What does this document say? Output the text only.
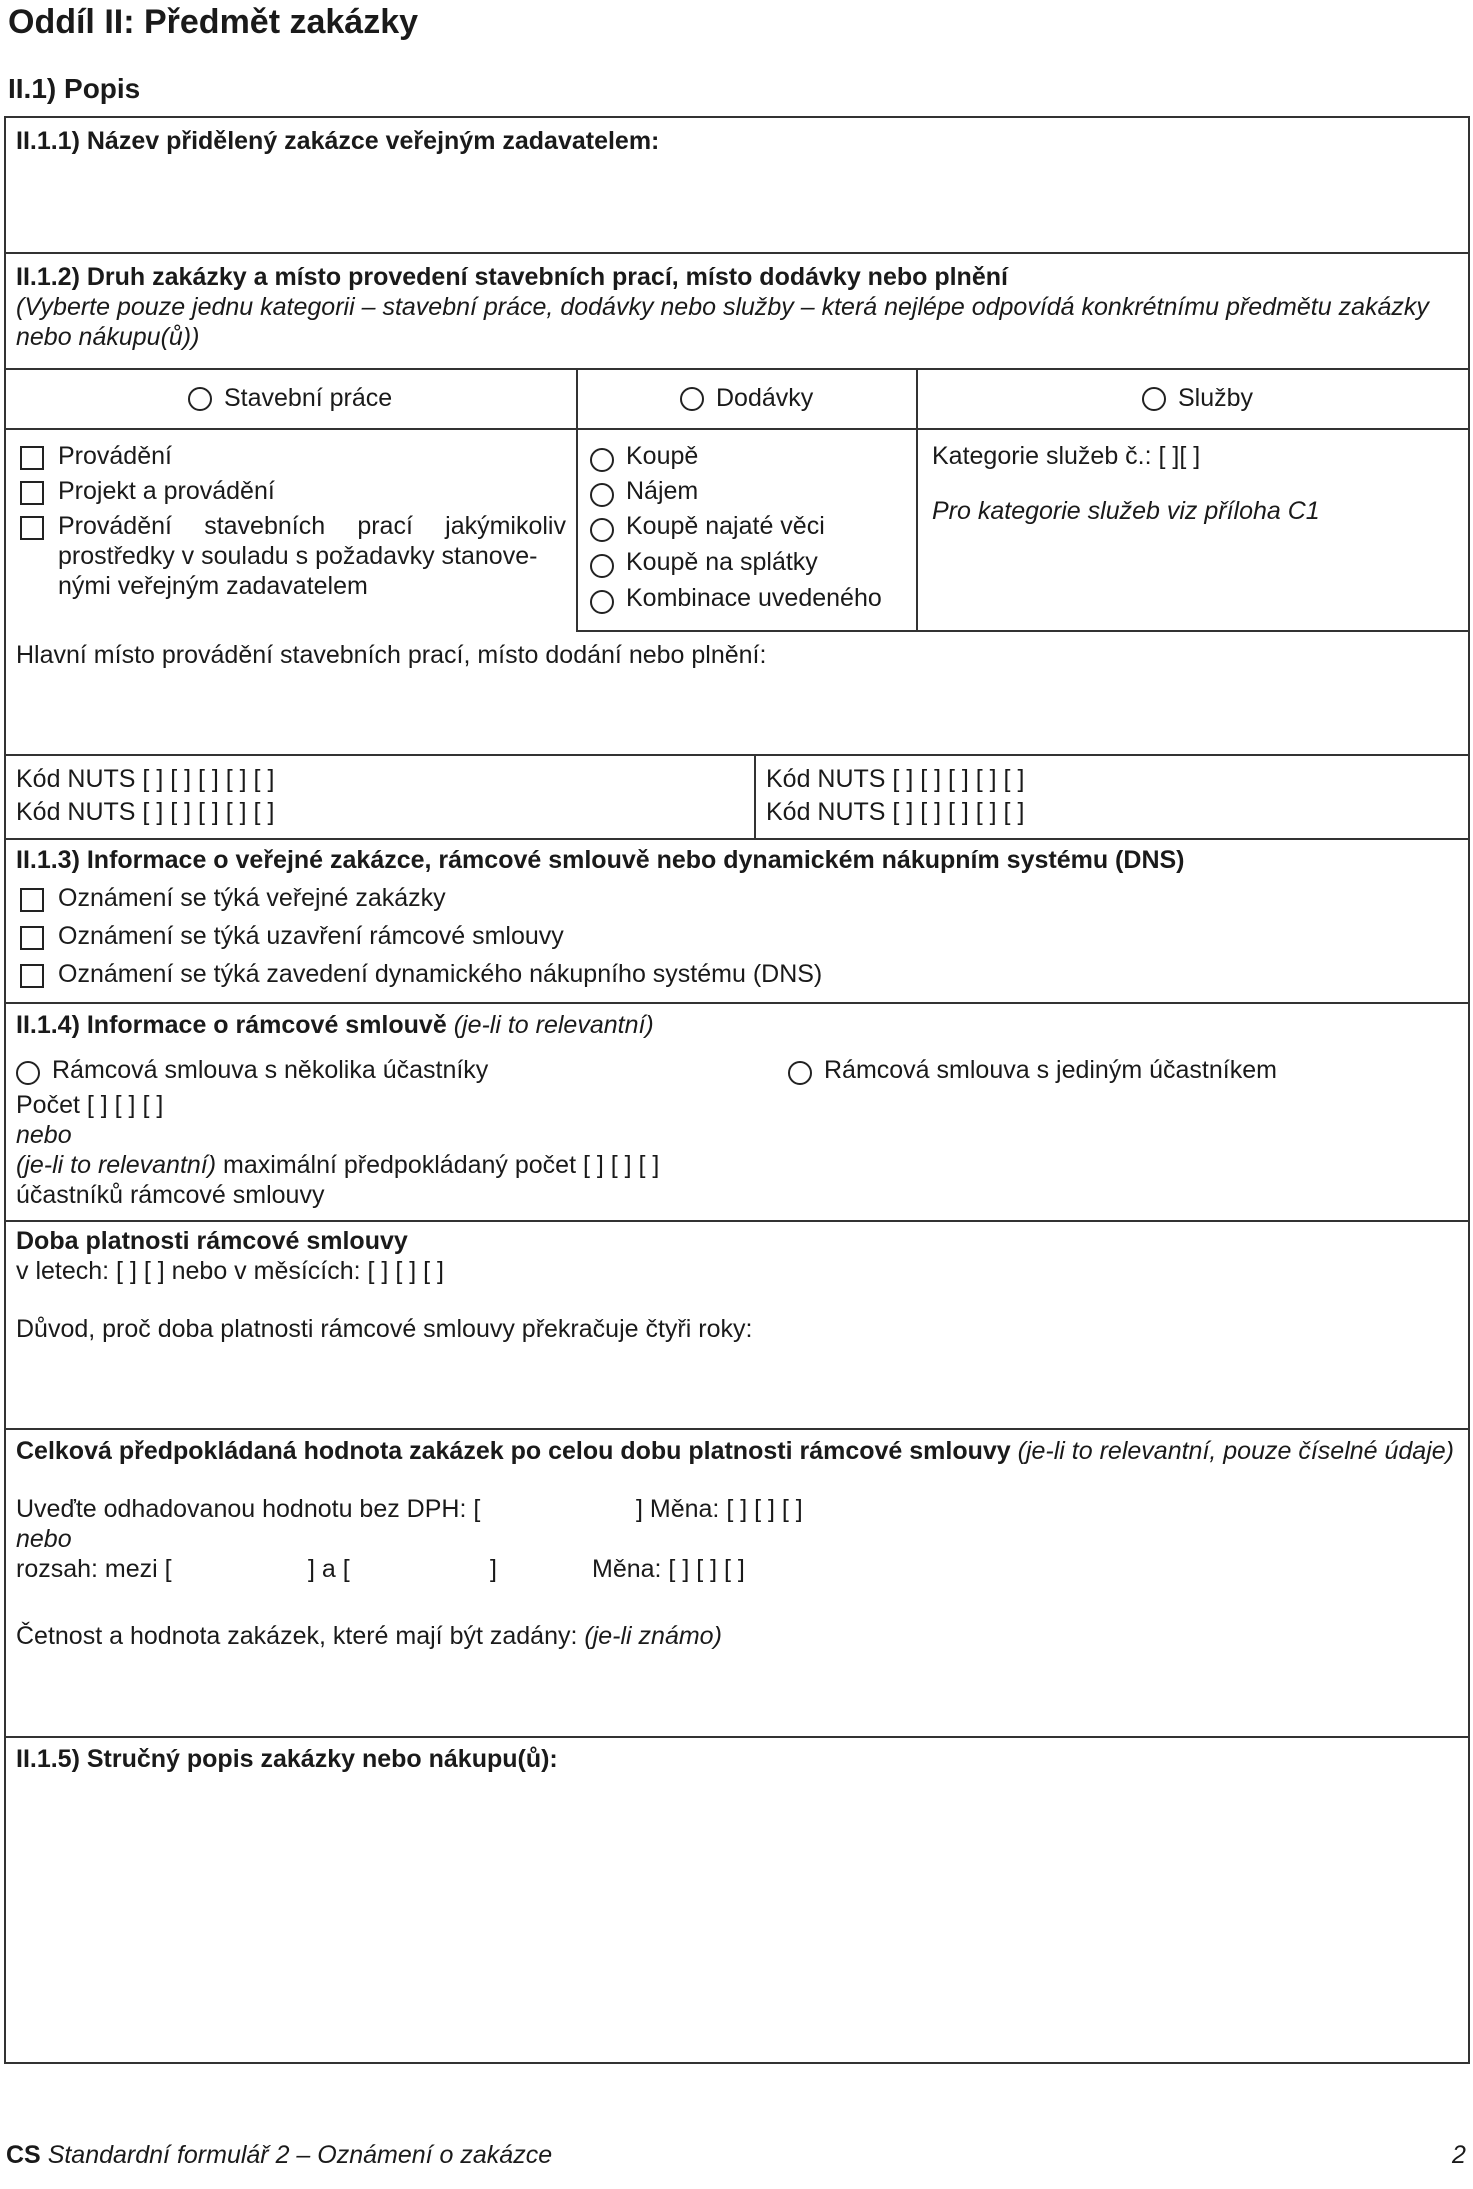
Oddíl II: Předmět zakázky
II.1) Popis
II.1.1) Název přidělený zakázce veřejným zadavatelem:
II.1.2) Druh zakázky a místo provedení stavebních prací, místo dodávky nebo plnění
(Vyberte pouze jednu kategorii – stavební práce, dodávky nebo služby – která nejlépe odpovídá konkrétnímu předmětu zakázky
nebo nákupu(ů))
Stavební práce	Dodávky	Služby
Provádění
Projekt a provádění
Provádění stavebních prací jakýmikoliv
prostředky v souladu s požadavky stanove-
nými veřejným zadavatelem
Koupě
Nájem
Koupě najaté věci
Koupě na splátky
Kombinace uvedeného
Kategorie služeb č.: [ ][ ]
Pro kategorie služeb viz příloha C1
Hlavní místo provádění stavebních prací, místo dodání nebo plnění:
Kód NUTS [ ] [ ] [ ] [ ] [ ]
Kód NUTS [ ] [ ] [ ] [ ] [ ]
Kód NUTS [ ] [ ] [ ] [ ] [ ]
Kód NUTS [ ] [ ] [ ] [ ] [ ]
II.1.3) Informace o veřejné zakázce, rámcové smlouvě nebo dynamickém nákupním systému (DNS)
Oznámení se týká veřejné zakázky
Oznámení se týká uzavření rámcové smlouvy
Oznámení se týká zavedení dynamického nákupního systému (DNS)
II.1.4) Informace o rámcové smlouvě (je-li to relevantní)
Rámcová smlouva s několika účastníky	Rámcová smlouva s jediným účastníkem
Počet [ ] [ ] [ ]
nebo
(je-li to relevantní) maximální předpokládaný počet [ ] [ ] [ ]
účastníků rámcové smlouvy
Doba platnosti rámcové smlouvy
v letech: [ ] [ ] nebo v měsících: [ ] [ ] [ ]
Důvod, proč doba platnosti rámcové smlouvy překračuje čtyři roky:
Celková předpokládaná hodnota zakázek po celou dobu platnosti rámcové smlouvy (je-li to relevantní, pouze číselné údaje)
Uveďte odhadovanou hodnotu bez DPH: [	] Měna: [ ] [ ] [ ]
nebo
rozsah: mezi [	] a [	]	Měna: [ ] [ ] [ ]
Četnost a hodnota zakázek, které mají být zadány: (je-li známo)
II.1.5) Stručný popis zakázky nebo nákupu(ů):
CS Standardní formulář 2 – Oznámení o zakázce	2
